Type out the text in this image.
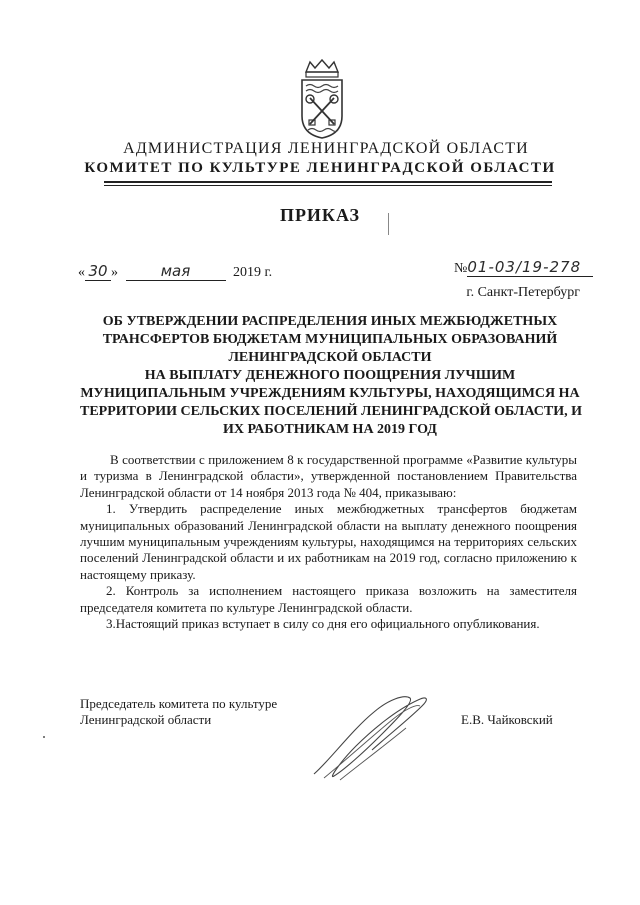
АДМИНИСТРАЦИЯ ЛЕНИНГРАДСКОЙ ОБЛАСТИ
КОМИТЕТ ПО КУЛЬТУРЕ ЛЕНИНГРАДСКОЙ ОБЛАСТИ
ПРИКАЗ
« 30 »	мая	2019 г.	№01-03/19-278
г. Санкт-Петербург
ОБ УТВЕРЖДЕНИИ РАСПРЕДЕЛЕНИЯ ИНЫХ МЕЖБЮДЖЕТНЫХ
ТРАНСФЕРТОВ БЮДЖЕТАМ МУНИЦИПАЛЬНЫХ ОБРАЗОВАНИЙ
ЛЕНИНГРАДСКОЙ ОБЛАСТИ
НА ВЫПЛАТУ ДЕНЕЖНОГО ПООЩРЕНИЯ ЛУЧШИМ
МУНИЦИПАЛЬНЫМ УЧРЕЖДЕНИЯМ КУЛЬТУРЫ, НАХОДЯЩИМСЯ НА
ТЕРРИТОРИИ СЕЛЬСКИХ ПОСЕЛЕНИЙ ЛЕНИНГРАДСКОЙ ОБЛАСТИ, И
ИХ РАБОТНИКАМ НА 2019 ГОД

В соответствии с приложением 8 к государственной программе «Развитие культуры и туризма в Ленинградской области», утвержденной постановлением Правительства Ленинградской области от 14 ноября 2013 года № 404, приказываю:

1. Утвердить распределение иных межбюджетных трансфертов бюджетам муниципальных образований Ленинградской области на выплату денежного поощрения лучшим муниципальным учреждениям культуры, находящимся на территориях сельских поселений Ленинградской области и их работникам на 2019 год, согласно приложению к настоящему приказу.

2. Контроль за исполнением настоящего приказа возложить на заместителя председателя комитета по культуре Ленинградской области.

3.Настоящий приказ вступает в силу со дня его официального опубликования.

Председатель комитета по культуре
Ленинградской области	Е.В. Чайковский
